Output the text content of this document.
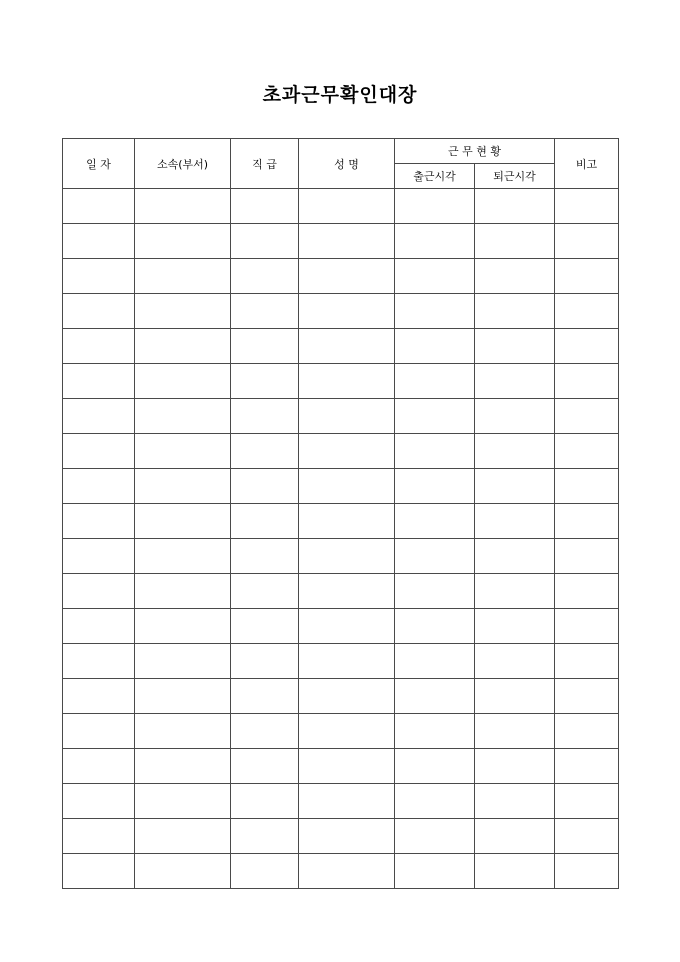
초과근무확인대장
일 자	소속(부서)	직 급	성 명	근 무 현 황		비고
				출근시각	퇴근시각	
